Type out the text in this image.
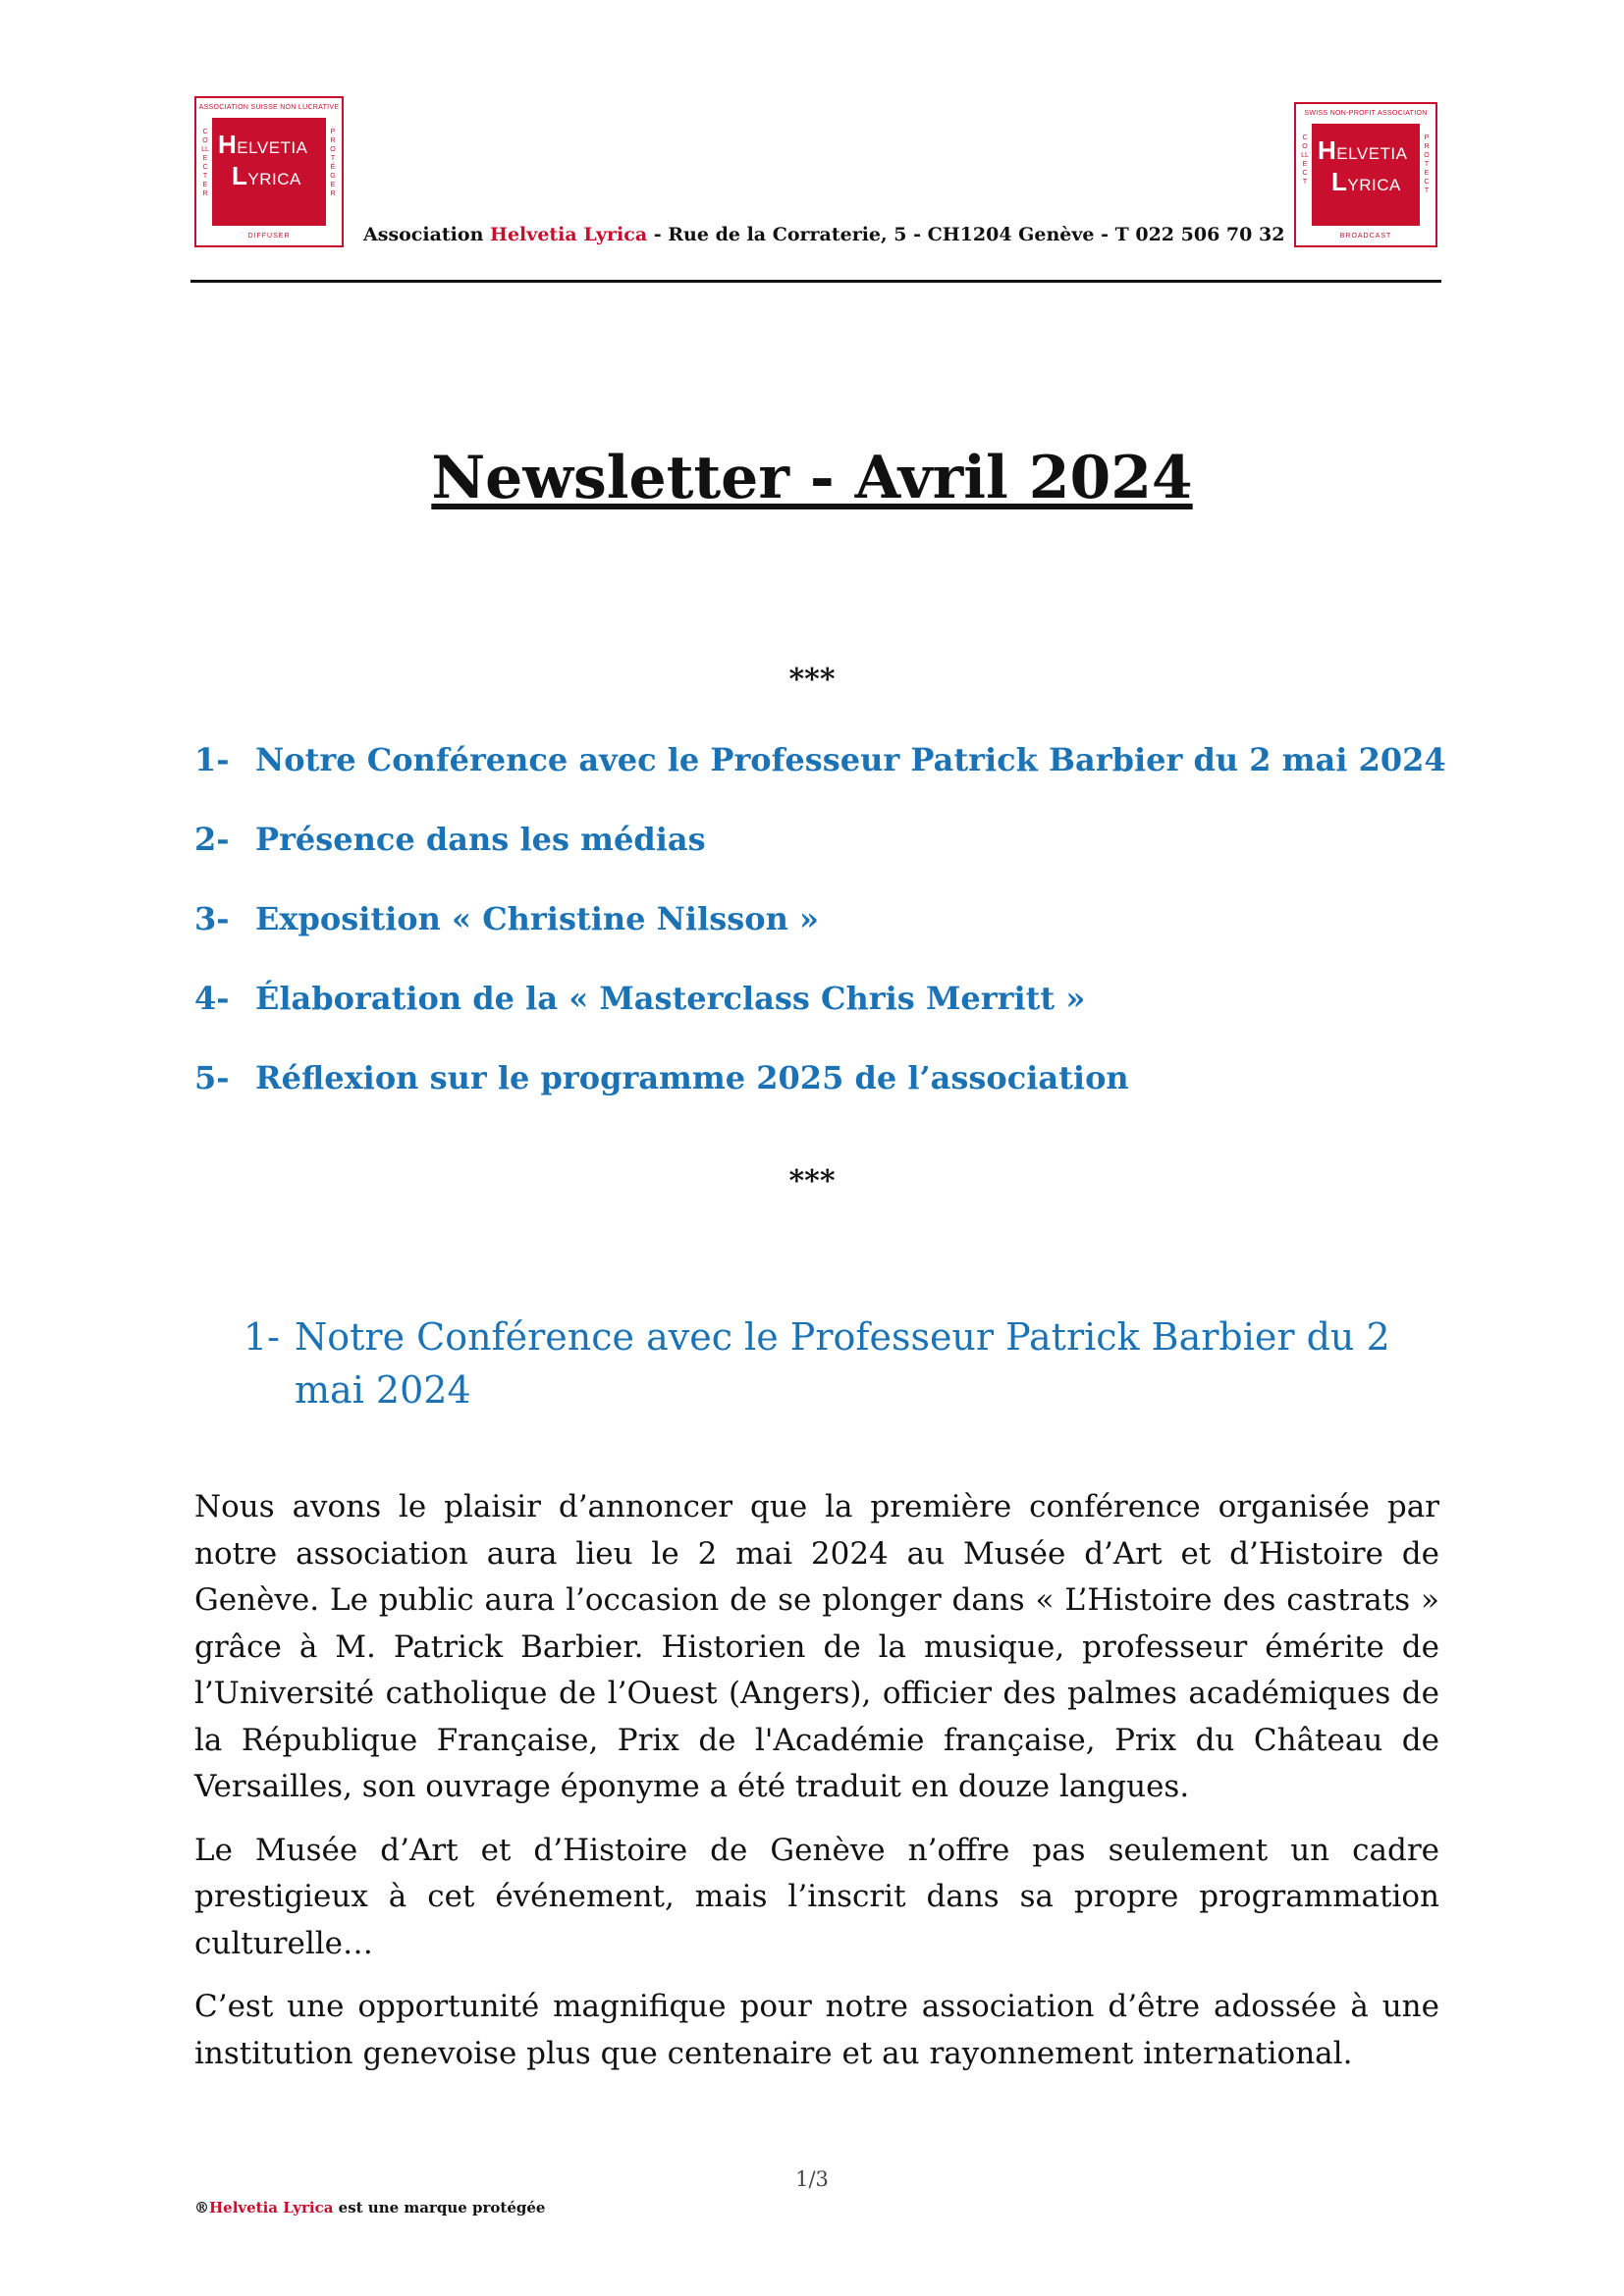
ASSOCIATION SUISSE NON LUCRATIVE
COLLECTER
PROTÉGER
HELVETIA
LYRICA
DIFFUSER	Association Helvetia Lyrica - Rue de la Corraterie, 5 - CH1204 Genève - T 022 506 70 32
SWISS NON-PROFIT ASSOCIATION
COLLECT
PROTECT
HELVETIA
LYRICA
BROADCAST
Newsletter - Avril 2024
***
1- Notre Conférence avec le Professeur Patrick Barbier du 2 mai 2024
2- Présence dans les médias
3- Exposition « Christine Nilsson »
4- Élaboration de la « Masterclass Chris Merritt »
5- Réflexion sur le programme 2025 de l’association
***
1- Notre Conférence avec le Professeur Patrick Barbier du 2 mai 2024

Nous avons le plaisir d’annoncer que la première conférence organisée par notre association aura lieu le 2 mai 2024 au Musée d’Art et d’Histoire de Genève. Le public aura l’occasion de se plonger dans « L’Histoire des castrats » grâce à M. Patrick Barbier. Historien de la musique, professeur émérite de l’Université catholique de l’Ouest (Angers), officier des palmes académiques de la République Française, Prix de l'Académie française, Prix du Château de Versailles, son ouvrage éponyme a été traduit en douze langues.

Le Musée d’Art et d’Histoire de Genève n’offre pas seulement un cadre prestigieux à cet événement, mais l’inscrit dans sa propre programmation culturelle…

C’est une opportunité magnifique pour notre association d’être adossée à une institution genevoise plus que centenaire et au rayonnement international.

1/3
®Helvetia Lyrica est une marque protégée
